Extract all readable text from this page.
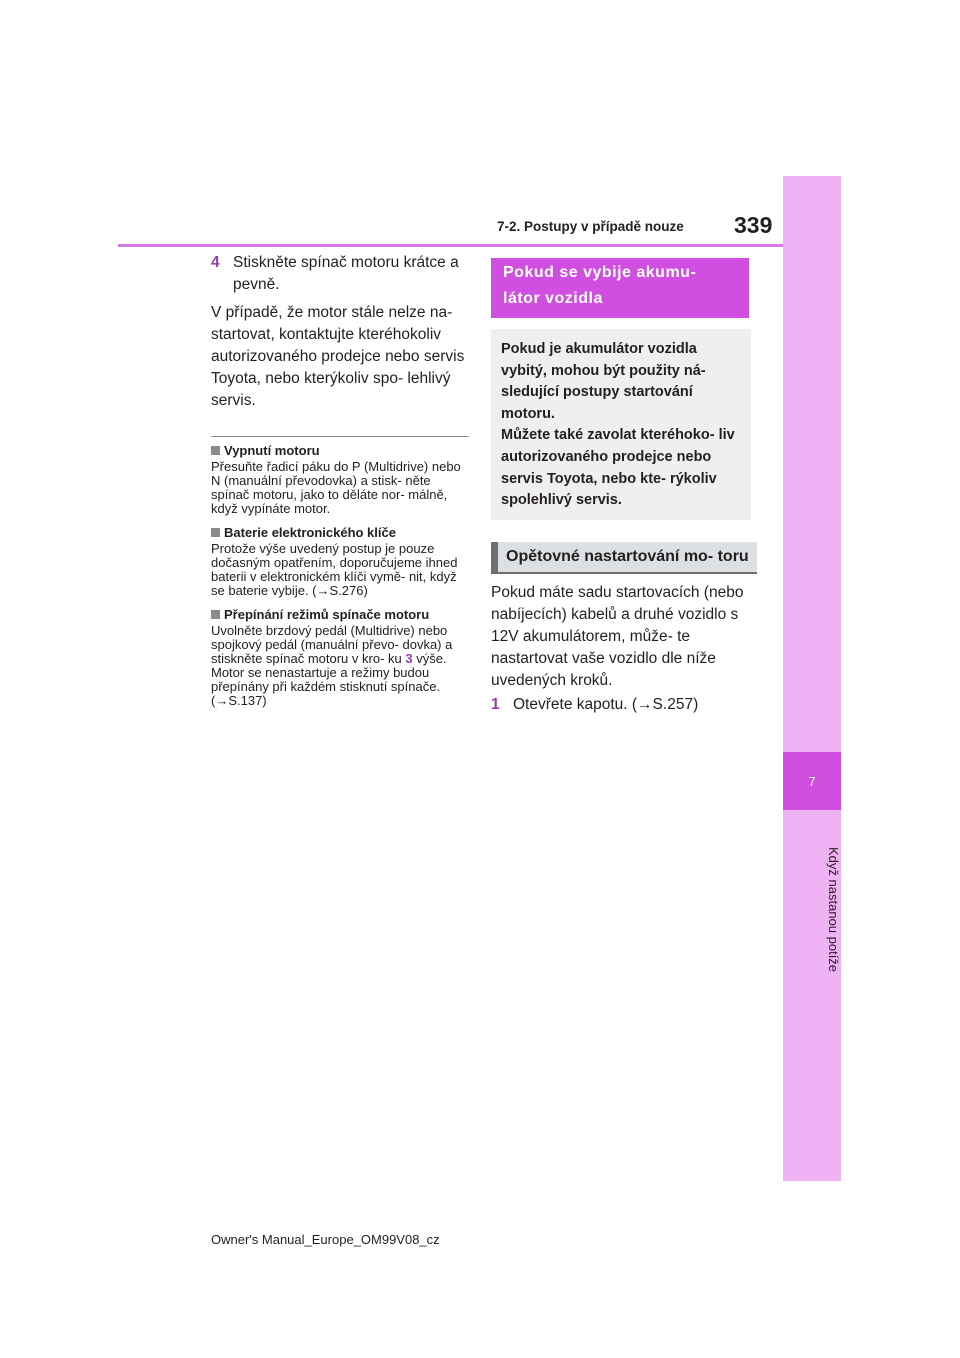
7
Když nastanou potíže
7-2. Postupy v případě nouze 339
4 Stiskněte spínač motoru krátce a pevně.

V případě, že motor stále nelze na- startovat, kontaktujte kteréhokoliv autorizovaného prodejce nebo servis Toyota, nebo kterýkoliv spo- lehlivý servis.

Vypnutí motoru

Přesuňte řadicí páku do P (Multidrive) nebo N (manuální převodovka) a stisk- něte spínač motoru, jako to děláte nor- málně, když vypínáte motor.

Baterie elektronického klíče

Protože výše uvedený postup je pouze dočasným opatřením, doporučujeme ihned baterii v elektronickém klíči vymě- nit, když se baterie vybije. (→S.276)

Přepínání režimů spínače motoru

Uvolněte brzdový pedál (Multidrive) nebo spojkový pedál (manuální převo- dovka) a stiskněte spínač motoru v kro- ku 3 výše.

Motor se nenastartuje a režimy budou přepínány při každém stisknutí spínače. (→S.137)

Pokud se vybije akumu- látor vozidla
Pokud je akumulátor vozidla vybitý, mohou být použity ná- sledující postupy startování motoru.
Můžete také zavolat kteréhoko- liv autorizovaného prodejce nebo servis Toyota, nebo kte- rýkoliv spolehlivý servis.
Opětovné nastartování mo- toru

Pokud máte sadu startovacích (nebo nabíjecích) kabelů a druhé vozidlo s 12V akumulátorem, může- te nastartovat vaše vozidlo dle níže uvedených kroků.

1 Otevřete kapotu. (→S.257)
Owner's Manual_Europe_OM99V08_cz
